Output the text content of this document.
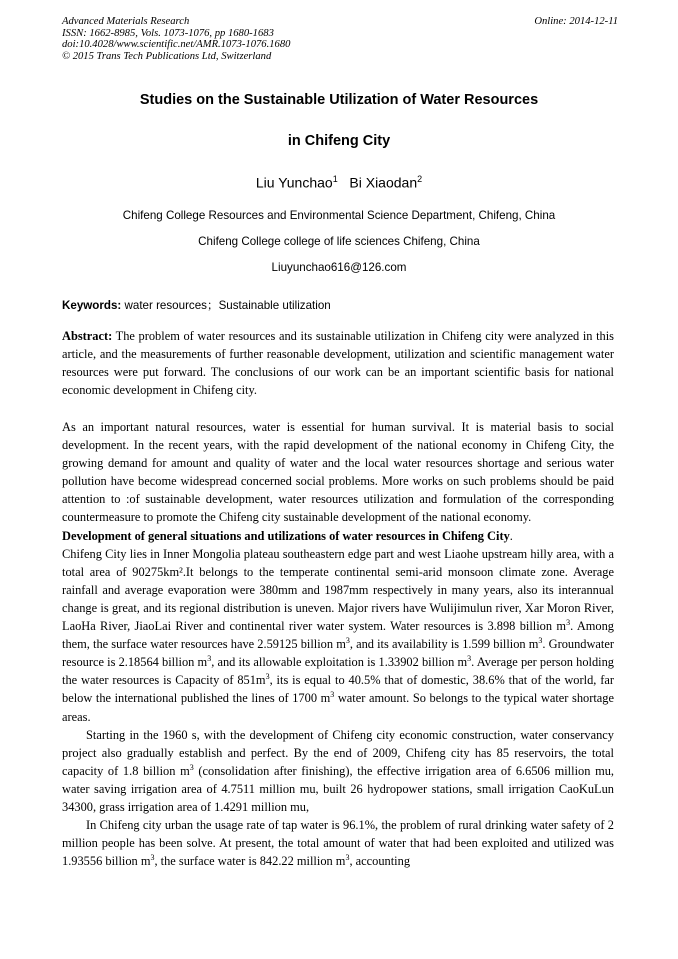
Advanced Materials Research
ISSN: 1662-8985, Vols. 1073-1076, pp 1680-1683
doi:10.4028/www.scientific.net/AMR.1073-1076.1680
© 2015 Trans Tech Publications Ltd, Switzerland
Online: 2014-12-11
Studies on the Sustainable Utilization of Water Resources
in Chifeng City
Liu Yunchao$^1$ Bi Xiaodan$^2$
Chifeng College Resources and Environmental Science Department, Chifeng, China
Chifeng College college of life sciences Chifeng, China
Liuyunchao616@126.com
Keywords: water resources；Sustainable utilization

Abstract: The problem of water resources and its sustainable utilization in Chifeng city were analyzed in this article, and the measurements of further reasonable development, utilization and scientific management water resources were put forward. The conclusions of our work can be an important scientific basis for national economic development in Chifeng city.

As an important natural resources, water is essential for human survival. It is material basis to social development. In the recent years, with the rapid development of the national economy in Chifeng City, the growing demand for amount and quality of water and the local water resources shortage and serious water pollution have become widespread concerned social problems. More works on such problems should be paid attention to :of sustainable development, water resources utilization and formulation of the corresponding countermeasure to promote the Chifeng city sustainable development of the national economy.

Development of general situations and utilizations of water resources in Chifeng City.

Chifeng City lies in Inner Mongolia plateau southeastern edge part and west Liaohe upstream hilly area, with a total area of 90275km².It belongs to the temperate continental semi-arid monsoon climate zone. Average rainfall and average evaporation were 380mm and 1987mm respectively in many years, also its interannual change is great, and its regional distribution is uneven. Major rivers have Wulijimulun river, Xar Moron River, LaoHa River, JiaoLai River and continental river water system. Water resources is 3.898 billion $m^3$. Among them, the surface water resources have 2.59125 billion $m^3$, and its availability is 1.599 billion $m^3$. Groundwater resource is 2.18564 billion $m^3$, and its allowable exploitation is 1.33902 billion $m^3$. Average per person holding the water resources is Capacity of $851m^3$, its is equal to 40.5% that of domestic, 38.6% that of the world, far below the international published the lines of 1700 $m^3$ water amount. So belongs to the typical water shortage areas.

Starting in the 1960 s, with the development of Chifeng city economic construction, water conservancy project also gradually establish and perfect. By the end of 2009, Chifeng city has 85 reservoirs, the total capacity of 1.8 billion $m^3$ (consolidation after finishing), the effective irrigation area of 6.6506 million mu, water saving irrigation area of 4.7511 million mu, built 26 hydropower stations, small irrigation CaoKuLun 34300, grass irrigation area of 1.4291 million mu,

In Chifeng city urban the usage rate of tap water is 96.1%, the problem of rural drinking water safety of 2 million people has been solve. At present, the total amount of water that had been exploited and utilized was 1.93556 billion $m^3$, the surface water is 842.22 million $m^3$, accounting
